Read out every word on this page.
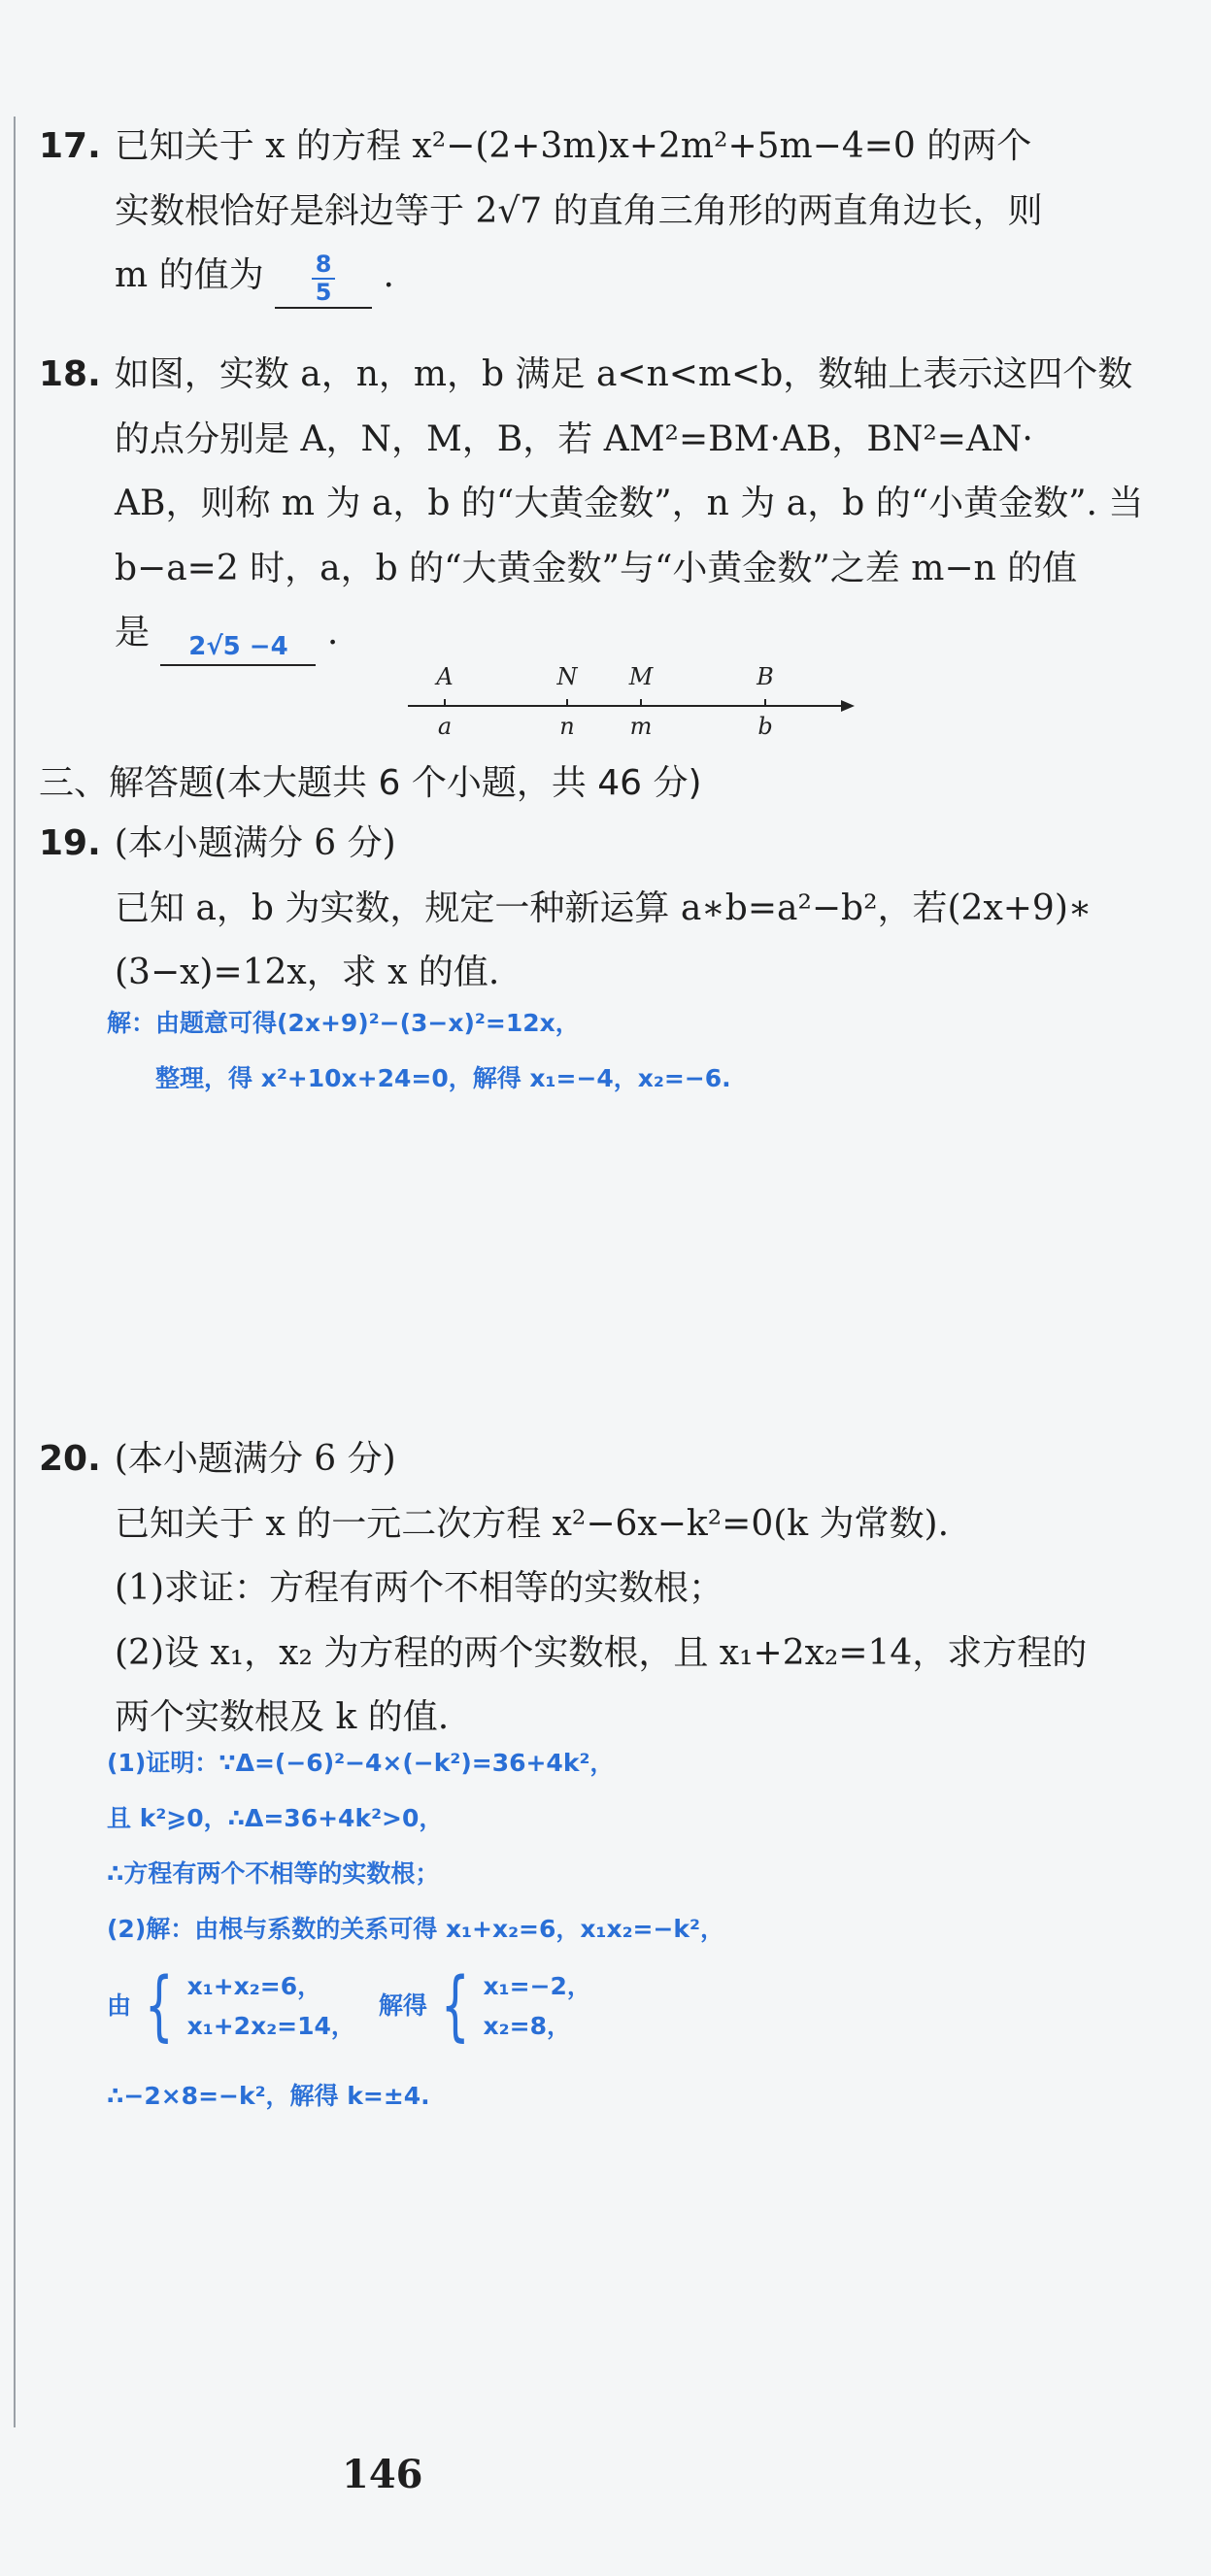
17. 已知关于 x 的方程 x²−(2+3m)x+2m²+5m−4=0 的两个
实数根恰好是斜边等于 2√7 的直角三角形的两直角边长，则
m 的值为 $\frac{8}{5}$ .
18. 如图，实数 a，n，m，b 满足 a<n<m<b，数轴上表示这四个数
的点分别是 A，N，M，B，若 AM²=BM·AB，BN²=AN·
AB，则称 m 为 a，b 的“大黄金数”，n 为 a，b 的“小黄金数”. 当
b−a=2 时，a，b 的“大黄金数”与“小黄金数”之差 m−n 的值
是 2√5 −4 .
A
a
N
n
M
m
B
b
三、解答题(本大题共 6 个小题，共 46 分)
19. (本小题满分 6 分)
已知 a，b 为实数，规定一种新运算 a∗b=a²−b²，若(2x+9)∗
(3−x)=12x，求 x 的值.
解：由题意可得(2x+9)²−(3−x)²=12x，
整理，得 x²+10x+24=0，解得 x₁=−4，x₂=−6.
20. (本小题满分 6 分)
已知关于 x 的一元二次方程 x²−6x−k²=0(k 为常数).
(1)求证：方程有两个不相等的实数根；
(2)设 x₁，x₂ 为方程的两个实数根，且 x₁+2x₂=14，求方程的
两个实数根及 k 的值.
(1)证明：∵Δ=(−6)²−4×(−k²)=36+4k²，
且 k²⩾0，∴Δ=36+4k²>0，
∴方程有两个不相等的实数根；
(2)解：由根与系数的关系可得 x₁+x₂=6，x₁x₂=−k²，
由 { x₁+x₂=6，
x₁+2x₂=14，
解得 { x₁=−2，
x₂=8，
∴−2×8=−k²，解得 k=±4.
146
